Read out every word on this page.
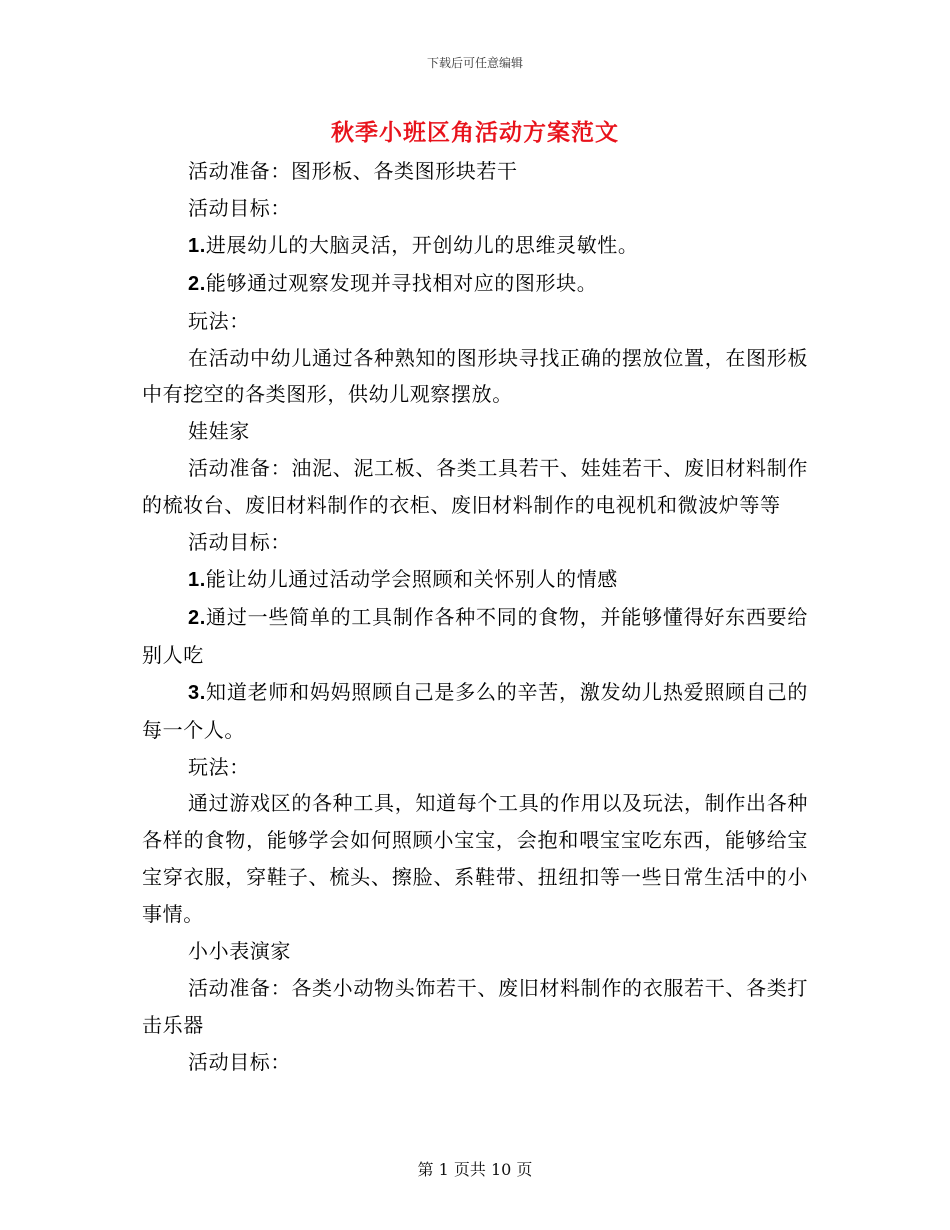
下载后可任意编辑
秋季小班区角活动方案范文

活动准备：图形板、各类图形块若干

活动目标：

1.进展幼儿的大脑灵活，开创幼儿的思维灵敏性。

2.能够通过观察发现并寻找相对应的图形块。

玩法：

在活动中幼儿通过各种熟知的图形块寻找正确的摆放位置，在图形板中有挖空的各类图形，供幼儿观察摆放。

娃娃家

活动准备：油泥、泥工板、各类工具若干、娃娃若干、废旧材料制作的梳妆台、废旧材料制作的衣柜、废旧材料制作的电视机和微波炉等等

活动目标：

1.能让幼儿通过活动学会照顾和关怀别人的情感

2.通过一些简单的工具制作各种不同的食物，并能够懂得好东西要给别人吃

3.知道老师和妈妈照顾自己是多么的辛苦，激发幼儿热爱照顾自己的每一个人。

玩法：

通过游戏区的各种工具，知道每个工具的作用以及玩法，制作出各种各样的食物，能够学会如何照顾小宝宝，会抱和喂宝宝吃东西，能够给宝宝穿衣服，穿鞋子、梳头、擦脸、系鞋带、扭纽扣等一些日常生活中的小事情。

小小表演家

活动准备：各类小动物头饰若干、废旧材料制作的衣服若干、各类打击乐器

活动目标：

第 1 页共 10 页
